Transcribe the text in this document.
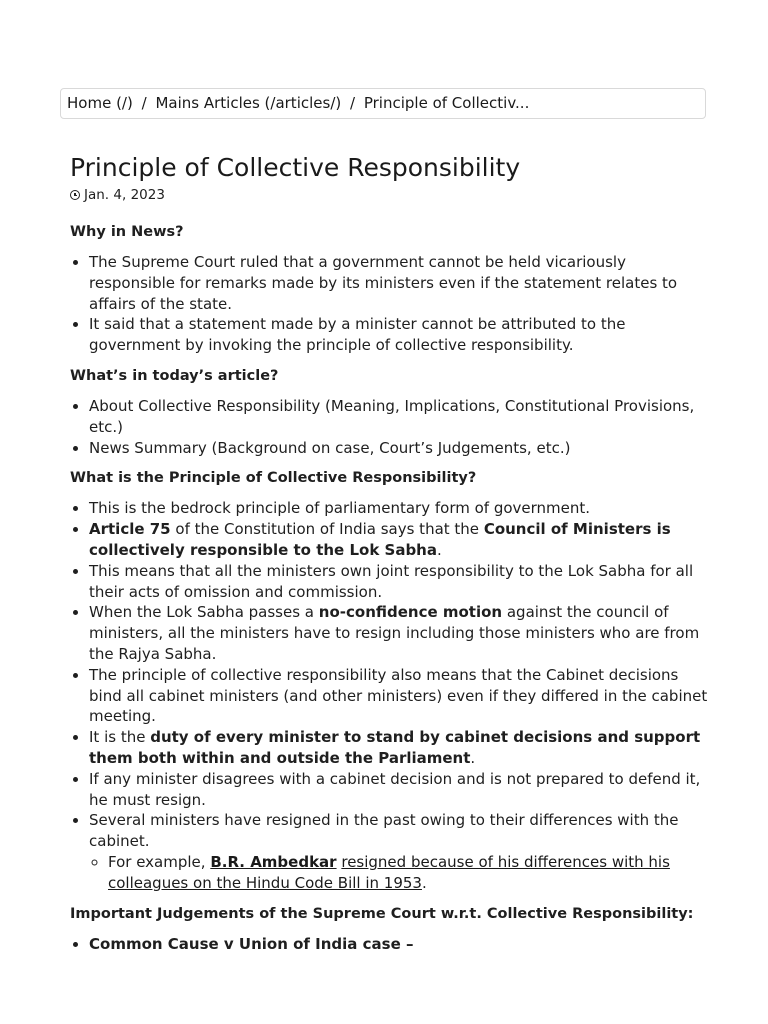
Home (/) / Mains Articles (/articles/) / Principle of Collectiv...
Principle of Collective Responsibility
Jan. 4, 2023
Why in News?
• The Supreme Court ruled that a government cannot be held vicariously responsible for remarks made by its ministers even if the statement relates to affairs of the state.
• It said that a statement made by a minister cannot be attributed to the government by invoking the principle of collective responsibility.
What’s in today’s article?
• About Collective Responsibility (Meaning, Implications, Constitutional Provisions, etc.)
• News Summary (Background on case, Court’s Judgements, etc.)
What is the Principle of Collective Responsibility?
• This is the bedrock principle of parliamentary form of government.
• Article 75 of the Constitution of India says that the Council of Ministers is collectively responsible to the Lok Sabha.
• This means that all the ministers own joint responsibility to the Lok Sabha for all their acts of omission and commission.
• When the Lok Sabha passes a no-confidence motion against the council of ministers, all the ministers have to resign including those ministers who are from the Rajya Sabha.
• The principle of collective responsibility also means that the Cabinet decisions bind all cabinet ministers (and other ministers) even if they differed in the cabinet meeting.
• It is the duty of every minister to stand by cabinet decisions and support them both within and outside the Parliament.
• If any minister disagrees with a cabinet decision and is not prepared to defend it, he must resign.
• Several ministers have resigned in the past owing to their differences with the cabinet.
◦ For example, B.R. Ambedkar resigned because of his differences with his colleagues on the Hindu Code Bill in 1953.
Important Judgements of the Supreme Court w.r.t. Collective Responsibility:
• Common Cause v Union of India case –
